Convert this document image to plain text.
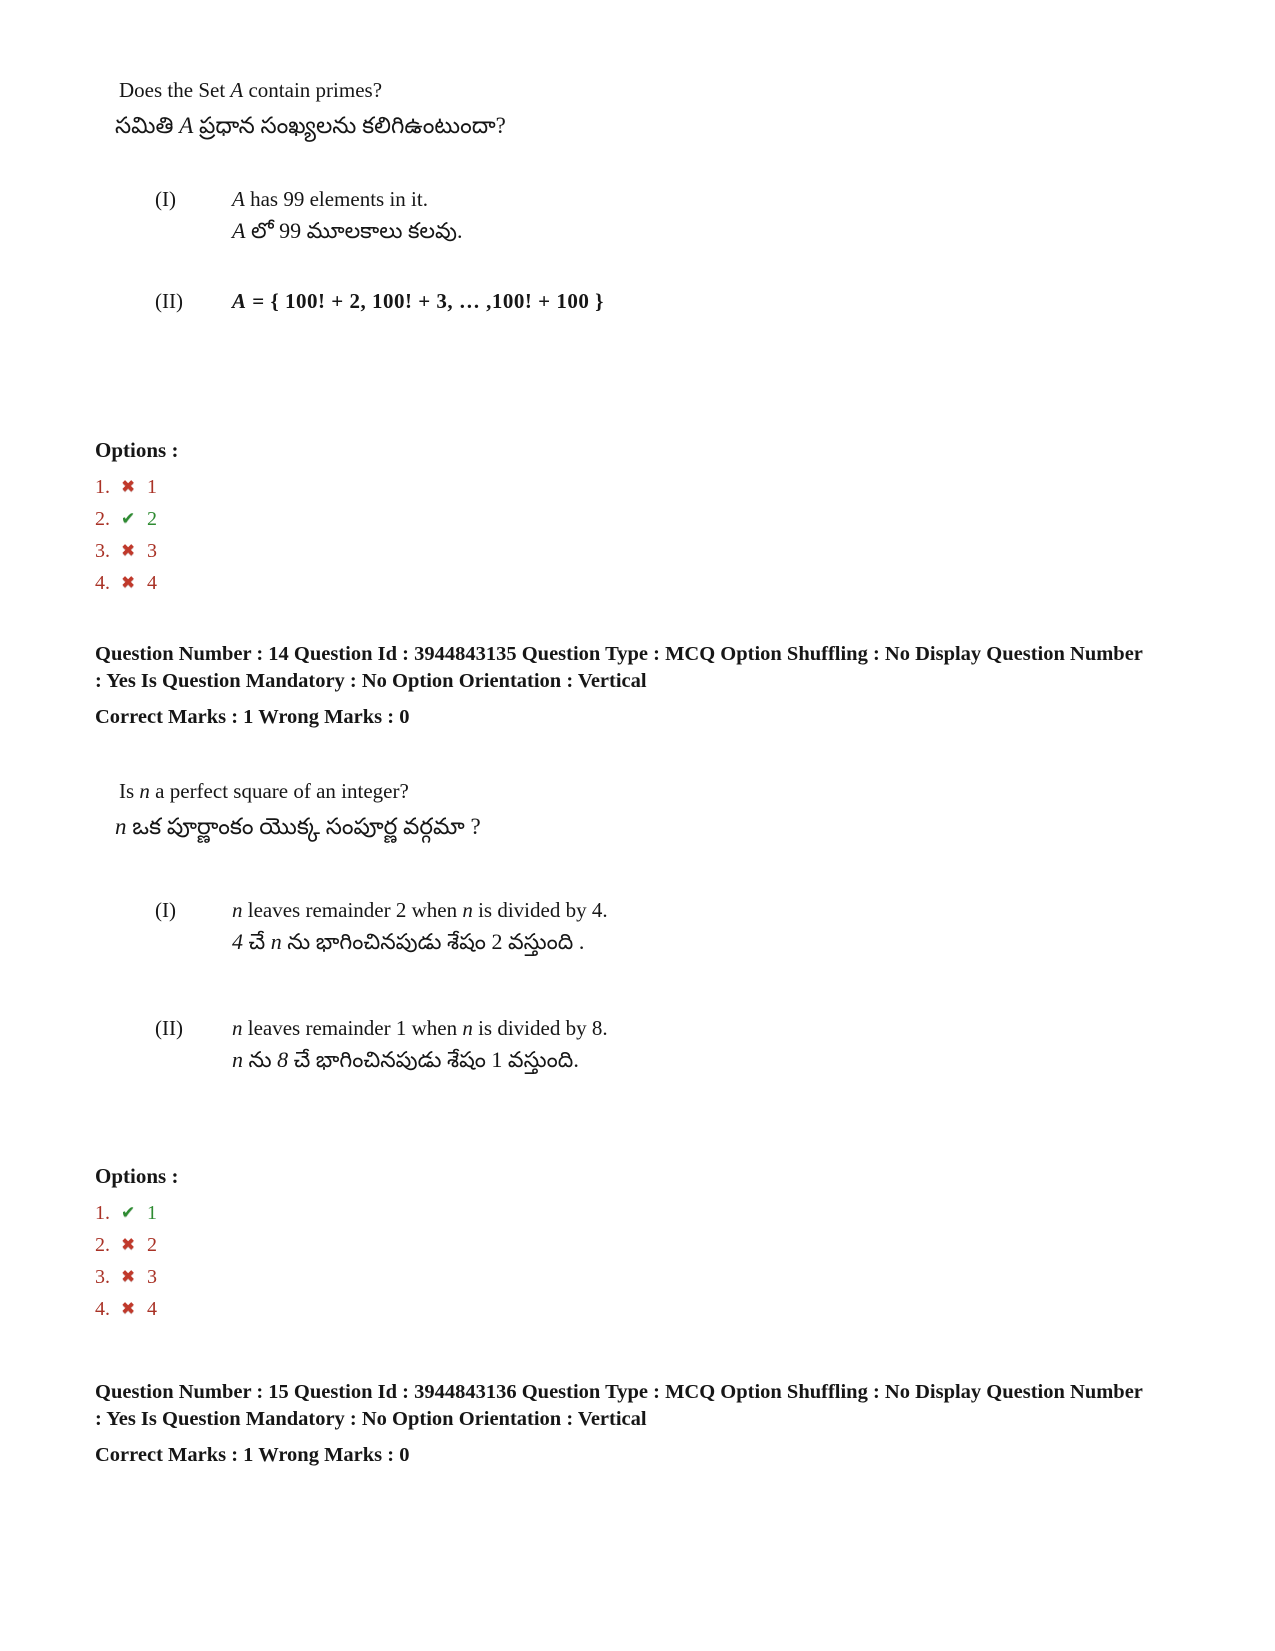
Does the Set A contain primes?

సమితి A ప్రధాన సంఖ్యలను కలిగిఉంటుందా?

(I)	A has 99 elements in it.

A లో 99 మూలకాలు కలవు.

(II)	A = { 100! + 2, 100! + 3, … ,100! + 100 }

Options :

1. ✖ 1
2. ✔ 2
3. ✖ 3
4. ✖ 4

Question Number : 14 Question Id : 3944843135 Question Type : MCQ Option Shuffling : No Display Question Number : Yes Is Question Mandatory : No Option Orientation : Vertical

Correct Marks : 1 Wrong Marks : 0

Is n a perfect square of an integer?

n ఒక పూర్ణాంకం యొక్క సంపూర్ణ వర్గమా ?

(I)	n leaves remainder 2 when n is divided by 4.

4 చే n ను భాగించినపుడు శేషం 2 వస్తుంది .

(II)	n leaves remainder 1 when n is divided by 8.

n ను 8 చే భాగించినపుడు శేషం 1 వస్తుంది.

Options :

1. ✔ 1
2. ✖ 2
3. ✖ 3
4. ✖ 4

Question Number : 15 Question Id : 3944843136 Question Type : MCQ Option Shuffling : No Display Question Number : Yes Is Question Mandatory : No Option Orientation : Vertical

Correct Marks : 1 Wrong Marks : 0
